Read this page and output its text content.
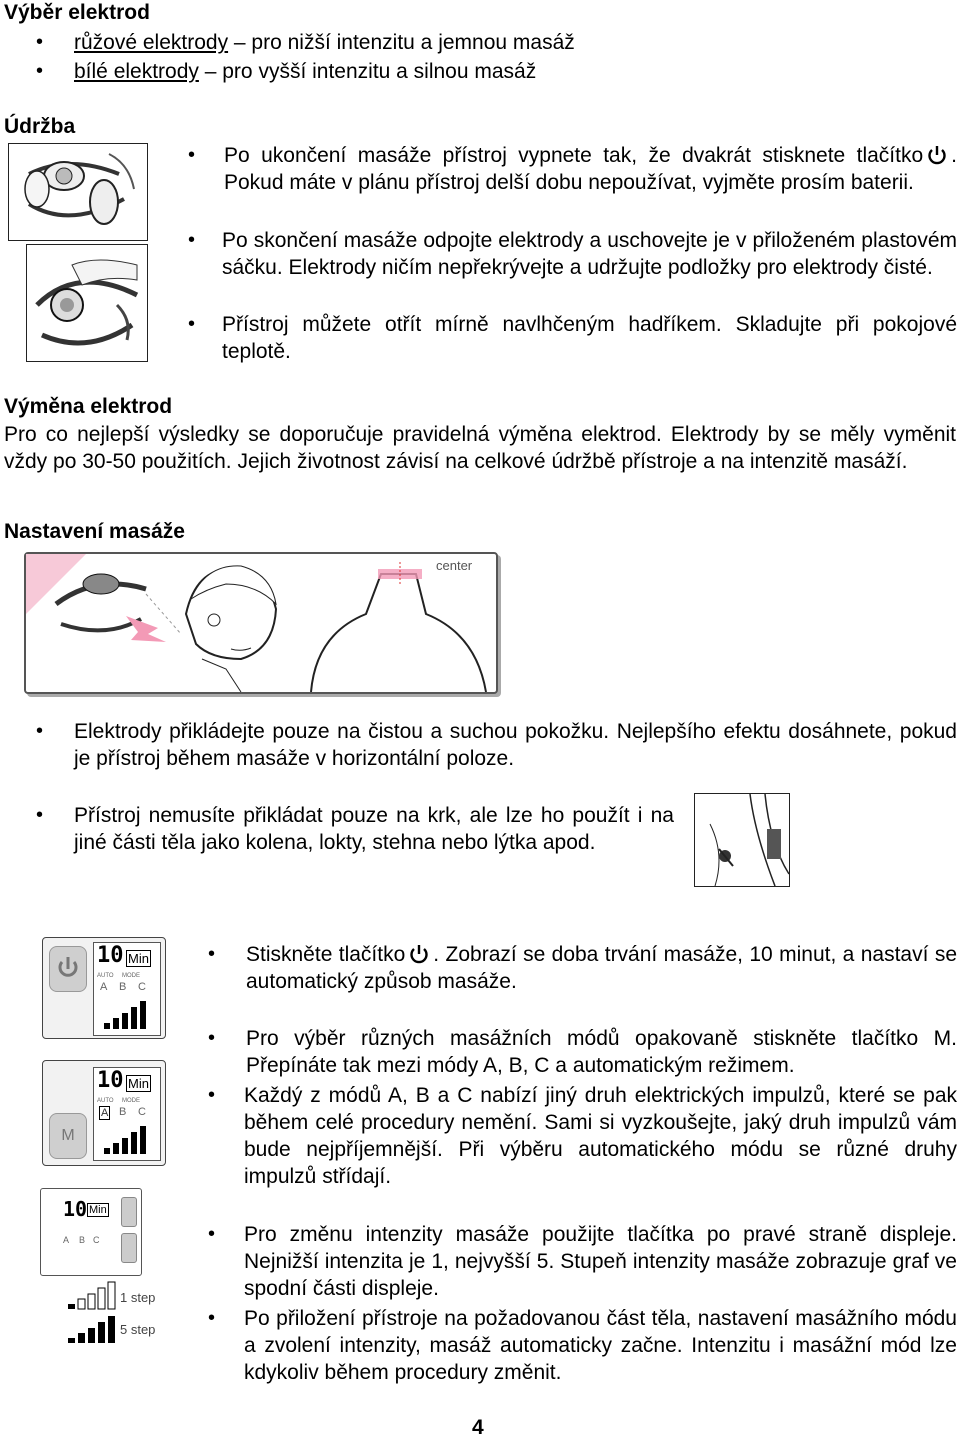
Výběr elektrod
• růžové elektrody – pro nižší intenzitu a jemnou masáž

• bílé elektrody – pro vyšší intenzitu a silnou masáž

Údržba
• Po ukončení masáže přístroj vypnete tak, že dvakrát stisknete tlačítko . Pokud máte v plánu přístroj delší dobu nepoužívat, vyjměte prosím baterii.

• Po skončení masáže odpojte elektrody a uschovejte je v přiloženém plastovém sáčku. Elektrody ničím nepřekrývejte a udržujte podložky pro elektrody čisté.

• Přístroj můžete otřít mírně navlhčeným hadříkem. Skladujte při pokojové teplotě.

Výměna elektrod

Pro co nejlepší výsledky se doporučuje pravidelná výměna elektrod. Elektrody by se měly vyměnit vždy po 30-50 použitích. Jejich životnost závisí na celkové údržbě přístroje a na intenzitě masáží.

Nastavení masáže
center
• Elektrody přikládejte pouze na čistou a suchou pokožku. Nejlepšího efektu dosáhnete, pokud je přístroj během masáže v horizontální poloze.

• Přístroj nemusíte přikládat pouze na krk, ale lze ho použít i na jiné části těla jako kolena, lokty, stehna nebo lýtka apod.

10 Min
AUTO MODE
A B C
M
10 Min
AUTO MODE
A B C
10 Min
A B C
1 step
5 step
• Stiskněte tlačítko . Zobrazí se doba trvání masáže, 10 minut, a nastaví se automatický způsob masáže.

• Pro výběr různých masážních módů opakovaně stiskněte tlačítko M. Přepínáte tak mezi módy A, B, C a automatickým režimem.

• Každý z módů A, B a C nabízí jiný druh elektrických impulzů, které se pak během celé procedury nemění. Sami si vyzkoušejte, jaký druh impulzů vám bude nejpříjemnější. Při výběru automatického módu se různé druhy impulzů střídají.

• Pro změnu intenzity masáže použijte tlačítka po pravé straně displeje. Nejnižší intenzita je 1, nejvyšší 5. Stupeň intenzity masáže zobrazuje graf ve spodní části displeje.

• Po přiložení přístroje na požadovanou část těla, nastavení masážního módu a zvolení intenzity, masáž automaticky začne. Intenzitu i masážní mód lze kdykoliv během procedury změnit.

4
